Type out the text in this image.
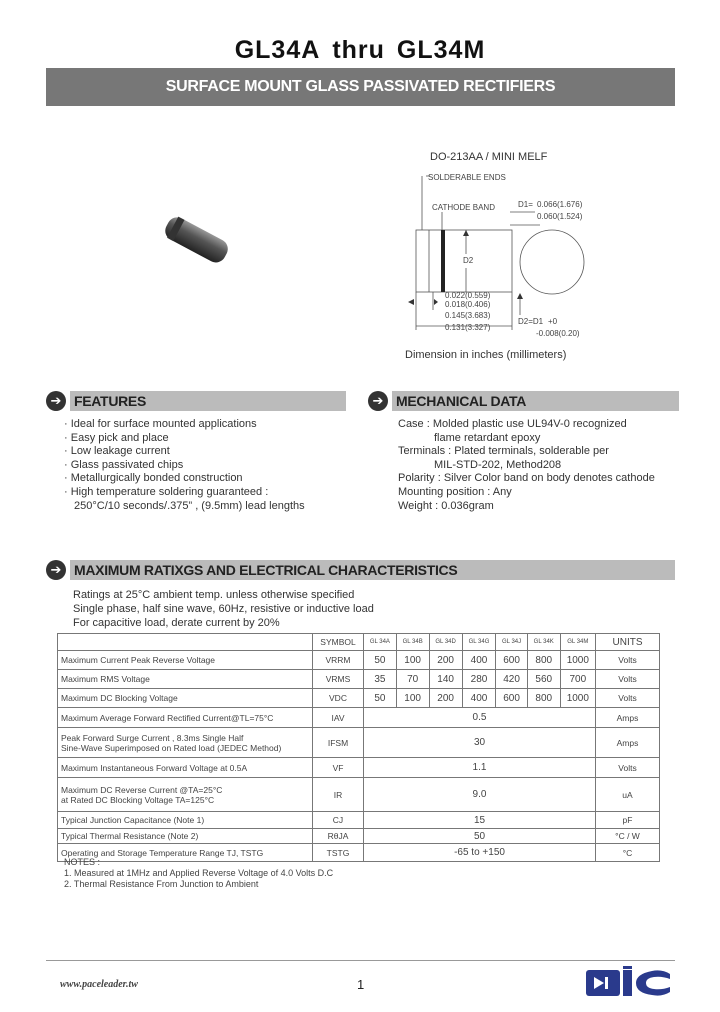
GL34A thru GL34M
SURFACE MOUNT GLASS PASSIVATED RECTIFIERS
DO-213AA / MINI MELF
SOLDERABLE ENDS
CATHODE BAND	D1= 0.066(1.676)
0.060(1.524)
D2
0.022(0.559)
0.018(0.406)
0.145(3.683)
0.131(3.327)
D2=D1 +0
-0.008(0.20)
Dimension in inches (millimeters)
➔ FEATURES
· Ideal for surface mounted applications
· Easy pick and place
· Low leakage current
· Glass passivated chips
· Metallurgically bonded construction
· High temperature soldering guaranteed :
250°C/10 seconds/.375” , (9.5mm) lead lengths
➔ MECHANICAL DATA
Case : Molded plastic use UL94V-0 recognized
flame retardant epoxy
Terminals : Plated terminals, solderable per
MIL-STD-202, Method208
Polarity : Silver Color band on body denotes cathode
Mounting position : Any
Weight : 0.036gram
➔ MAXIMUM RATIXGS AND ELECTRICAL CHARACTERISTICS
Ratings at 25°C ambient temp. unless otherwise specified
Single phase, half sine wave, 60Hz, resistive or inductive load
For capacitive load, derate current by 20%
	SYMBOL	GL 34A	GL 34B	GL 34D	GL 34G	GL 34J	GL 34K	GL 34M	UNITS
Maximum Current Peak Reverse Voltage	VRRM	50	100	200	400	600	800	1000	Volts
Maximum RMS Voltage	VRMS	35	70	140	280	420	560	700	Volts
Maximum DC Blocking Voltage	VDC	50	100	200	400	600	800	1000	Volts
Maximum Average Forward Rectified Current@TL=75°C	IAV	0.5							Amps

Peak Forward Surge Current , 8.3ms Single Half
Sine-Wave Superimposed on Rated load (JEDEC Method)	IFSM	30							Amps
Maximum Instantaneous Forward Voltage at 0.5A	VF	1.1							Volts

Maximum DC Reverse Current @TA=25°C
at Rated DC Blocking Voltage TA=125°C	IR	9.0							uA
Typical Junction Capacitance (Note 1)	CJ	15							pF
Typical Thermal Resistance (Note 2)	RθJA	50							°C / W
Operating and Storage Temperature Range TJ, TSTG	TSTG	-65 to +150							°C
NOTES :
1. Measured at 1MHz and Applied Reverse Voltage of 4.0 Volts D.C
2. Thermal Resistance From Junction to Ambient
www.paceleader.tw	1
